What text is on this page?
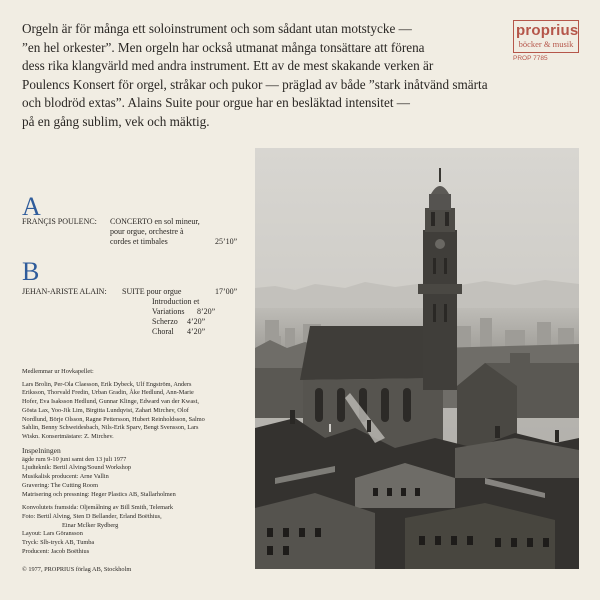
Orgeln är för många ett soloinstrument och som sådant utan motstycke —
”en hel orkester”. Men orgeln har också utmanat många tonsättare att förena
dess rika klangvärld med andra instrument. Ett av de mest skakande verken är
Poulencs Konsert för orgel, stråkar och pukor — präglad av både ”stark inåtvänd smärta
och blodröd extas”. Alains Suite pour orgue har en besläktad intensitet —
på en gång sublim, vek och mäktig.
proprius
böcker & musik
PROP 7785
A
FRANÇIS POULENC: CONCERTO en sol mineur,
pour orgue, orchestre à
cordes et timbales	25’10”
B
JEHAN-ARISTE ALAIN: SUITE pour orgue	17’00”
Introduction et
Variations 8’20”
Scherzo 4’20”
Choral 4’20”
Medlemmar ur Hovkapellet:
Lars Brolin, Per-Ola Claesson, Erik Dybeck, Ulf Engström, Anders
Eriksson, Thorvald Fredin, Urban Gradin, Åke Hedlund, Ann-Marie
Hofer, Eva Isaksson Hedlund, Gunnar Klinge, Edward van der Kwast,
Gösta Lax, Yoo-Jik Lim, Birgitta Lundqvist, Zahari Mirchev, Olof
Nordlund, Börje Olsson, Ragne Pettersson, Hubert Reinholdsson, Salmo
Sahlin, Benny Schweidesbach, Nils-Erik Sparv, Bengt Svensson, Lars
Wiskn. Konsertmästare: Z. Mirchev.
Inspelningen
ägde rum 9-10 juni samt den 13 juli 1977
Ljudteknik: Bertil Alving/Sound Workshop
Musikalisk producent: Arne Vallin
Gravering: The Cutting Room
Matrisering och pressning: Heger Plastics AB, Stallarholmen
Konvolutets framsida: Oljemålning av Bill Smith, Telemark
Foto: Bertil Alving, Sten D Bellander, Erland Boëthius,
Einar Mclker Rydberg
Layout: Lars Göransson
Tryck: Slb-tryck AB, Tumba
Producent: Jacob Boëthius
© 1977, PROPRIUS förlag AB, Stockholm
